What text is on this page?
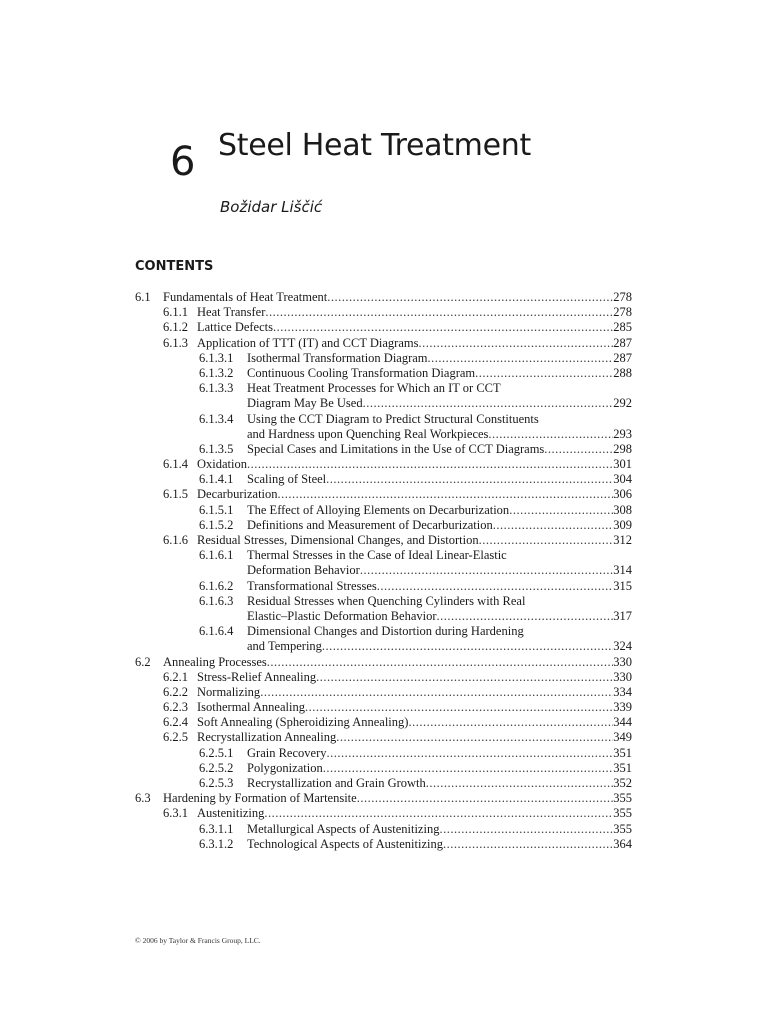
6 Steel Heat Treatment
Božidar Liščić
CONTENTS
6.1 Fundamentals of Heat Treatment .....	278
6.1.1 Heat Transfer .....	278
6.1.2 Lattice Defects .....	285
6.1.3 Application of TTT (IT) and CCT Diagrams .....	287
6.1.3.1 Isothermal Transformation Diagram .....	287
6.1.3.2 Continuous Cooling Transformation Diagram .....	288
6.1.3.3 Heat Treatment Processes for Which an IT or CCT
Diagram May Be Used .....	292
6.1.3.4 Using the CCT Diagram to Predict Structural Constituents
and Hardness upon Quenching Real Workpieces .....	293
6.1.3.5 Special Cases and Limitations in the Use of CCT Diagrams .....	298
6.1.4 Oxidation .....	301
6.1.4.1 Scaling of Steel .....	304
6.1.5 Decarburization .....	306
6.1.5.1 The Effect of Alloying Elements on Decarburization .....	308
6.1.5.2 Definitions and Measurement of Decarburization .....	309
6.1.6 Residual Stresses, Dimensional Changes, and Distortion .....	312
6.1.6.1 Thermal Stresses in the Case of Ideal Linear-Elastic
Deformation Behavior .....	314
6.1.6.2 Transformational Stresses .....	315
6.1.6.3 Residual Stresses when Quenching Cylinders with Real
Elastic–Plastic Deformation Behavior .....	317
6.1.6.4 Dimensional Changes and Distortion during Hardening
and Tempering .....	324
6.2 Annealing Processes .....	330
6.2.1 Stress-Relief Annealing .....	330
6.2.2 Normalizing .....	334
6.2.3 Isothermal Annealing .....	339
6.2.4 Soft Annealing (Spheroidizing Annealing) .....	344
6.2.5 Recrystallization Annealing .....	349
6.2.5.1 Grain Recovery .....	351
6.2.5.2 Polygonization .....	351
6.2.5.3 Recrystallization and Grain Growth .....	352
6.3 Hardening by Formation of Martensite .....	355
6.3.1 Austenitizing .....	355
6.3.1.1 Metallurgical Aspects of Austenitizing .....	355
6.3.1.2 Technological Aspects of Austenitizing .....	364
© 2006 by Taylor & Francis Group, LLC.
